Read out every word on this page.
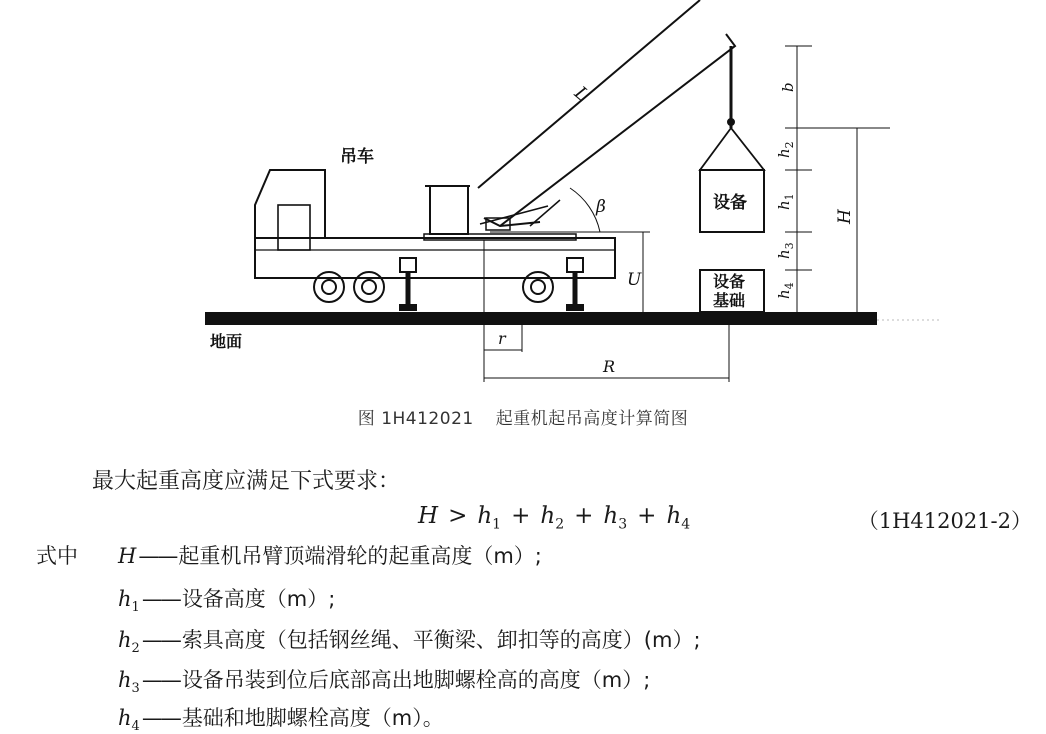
吊车
地面
设备
设备
基础
L
β
U
r
R
b
$h_2$
$h_1$
$h_3$
$h_4$
H
图 1H412021 起重机起吊高度计算简图
最大起重高度应满足下式要求：
$H > h_1 + h_2 + h_3 + h_4$	（1H412021-2）
式中 H——起重机吊臂顶端滑轮的起重高度（m）;
$h_1——$设备高度（m）;
$h_2——$索具高度（包括钢丝绳、平衡梁、卸扣等的高度）(m）;
$h_3——$设备吊装到位后底部高出地脚螺栓高的高度（m）;
$h_4——$基础和地脚螺栓高度（m）。
